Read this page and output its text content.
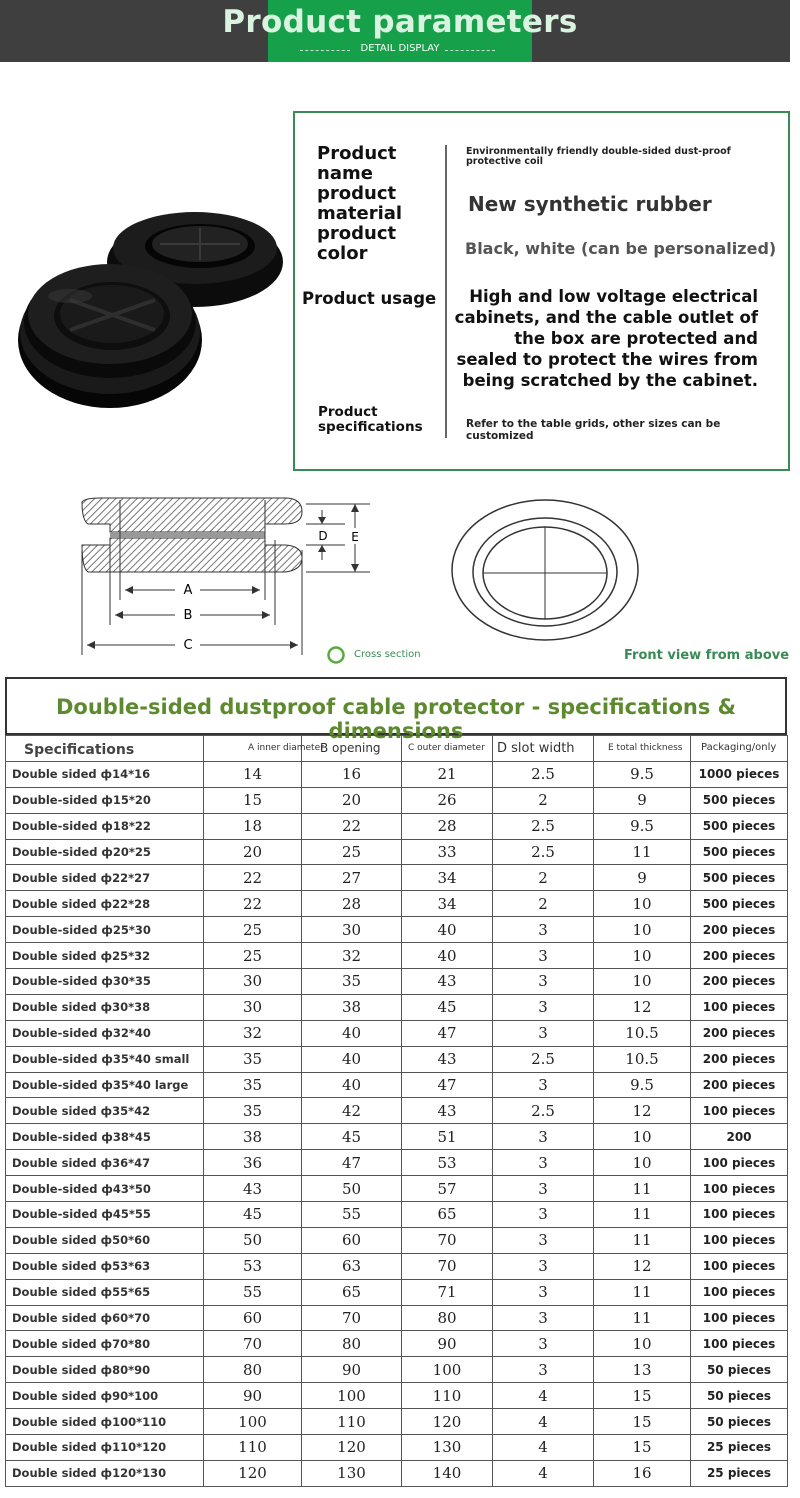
Product parameters
DETAIL DISPLAY
Product name
Environmentally friendly double-sided dust-proof protective coil
product material	New synthetic rubber
product color	Black, white (can be personalized)
Product usage	High and low voltage electrical cabinets, and the cable outlet of the box are protected and sealed to protect the wires from being scratched by the cabinet.
Product specifications	Refer to the table grids, other sizes can be customized
A
B
C
D E
Cross section	Front view from above
Double-sided dustproof cable protector - specifications & dimensions
Specifications	A inner diameter	B opening	C outer diameter	D slot width	E total thickness	Packaging/only

Double sided ф14*16	14	16	21	2.5	9.5	1000 pieces
Double-sided ф15*20	15	20	26	2	9	500 pieces
Double-sided ф18*22	18	22	28	2.5	9.5	500 pieces
Double-sided ф20*25	20	25	33	2.5	11	500 pieces
Double sided ф22*27	22	27	34	2	9	500 pieces
Double sided ф22*28	22	28	34	2	10	500 pieces
Double-sided ф25*30	25	30	40	3	10	200 pieces
Double sided ф25*32	25	32	40	3	10	200 pieces
Double-sided ф30*35	30	35	43	3	10	200 pieces
Double sided ф30*38	30	38	45	3	12	100 pieces
Double-sided ф32*40	32	40	47	3	10.5	200 pieces
Double-sided ф35*40 small	35	40	43	2.5	10.5	200 pieces
Double-sided ф35*40 large	35	40	47	3	9.5	200 pieces
Double sided ф35*42	35	42	43	2.5	12	100 pieces
Double-sided ф38*45	38	45	51	3	10	200
Double sided ф36*47	36	47	53	3	10	100 pieces
Double-sided ф43*50	43	50	57	3	11	100 pieces
Double-sided ф45*55	45	55	65	3	11	100 pieces
Double sided ф50*60	50	60	70	3	11	100 pieces
Double sided ф53*63	53	63	70	3	12	100 pieces
Double sided ф55*65	55	65	71	3	11	100 pieces
Double sided ф60*70	60	70	80	3	11	100 pieces
Double sided ф70*80	70	80	90	3	10	100 pieces
Double sided ф80*90	80	90	100	3	13	50 pieces
Double sided ф90*100	90	100	110	4	15	50 pieces
Double sided ф100*110	100	110	120	4	15	50 pieces
Double sided ф110*120	110	120	130	4	15	25 pieces
Double sided ф120*130	120	130	140	4	16	25 pieces
